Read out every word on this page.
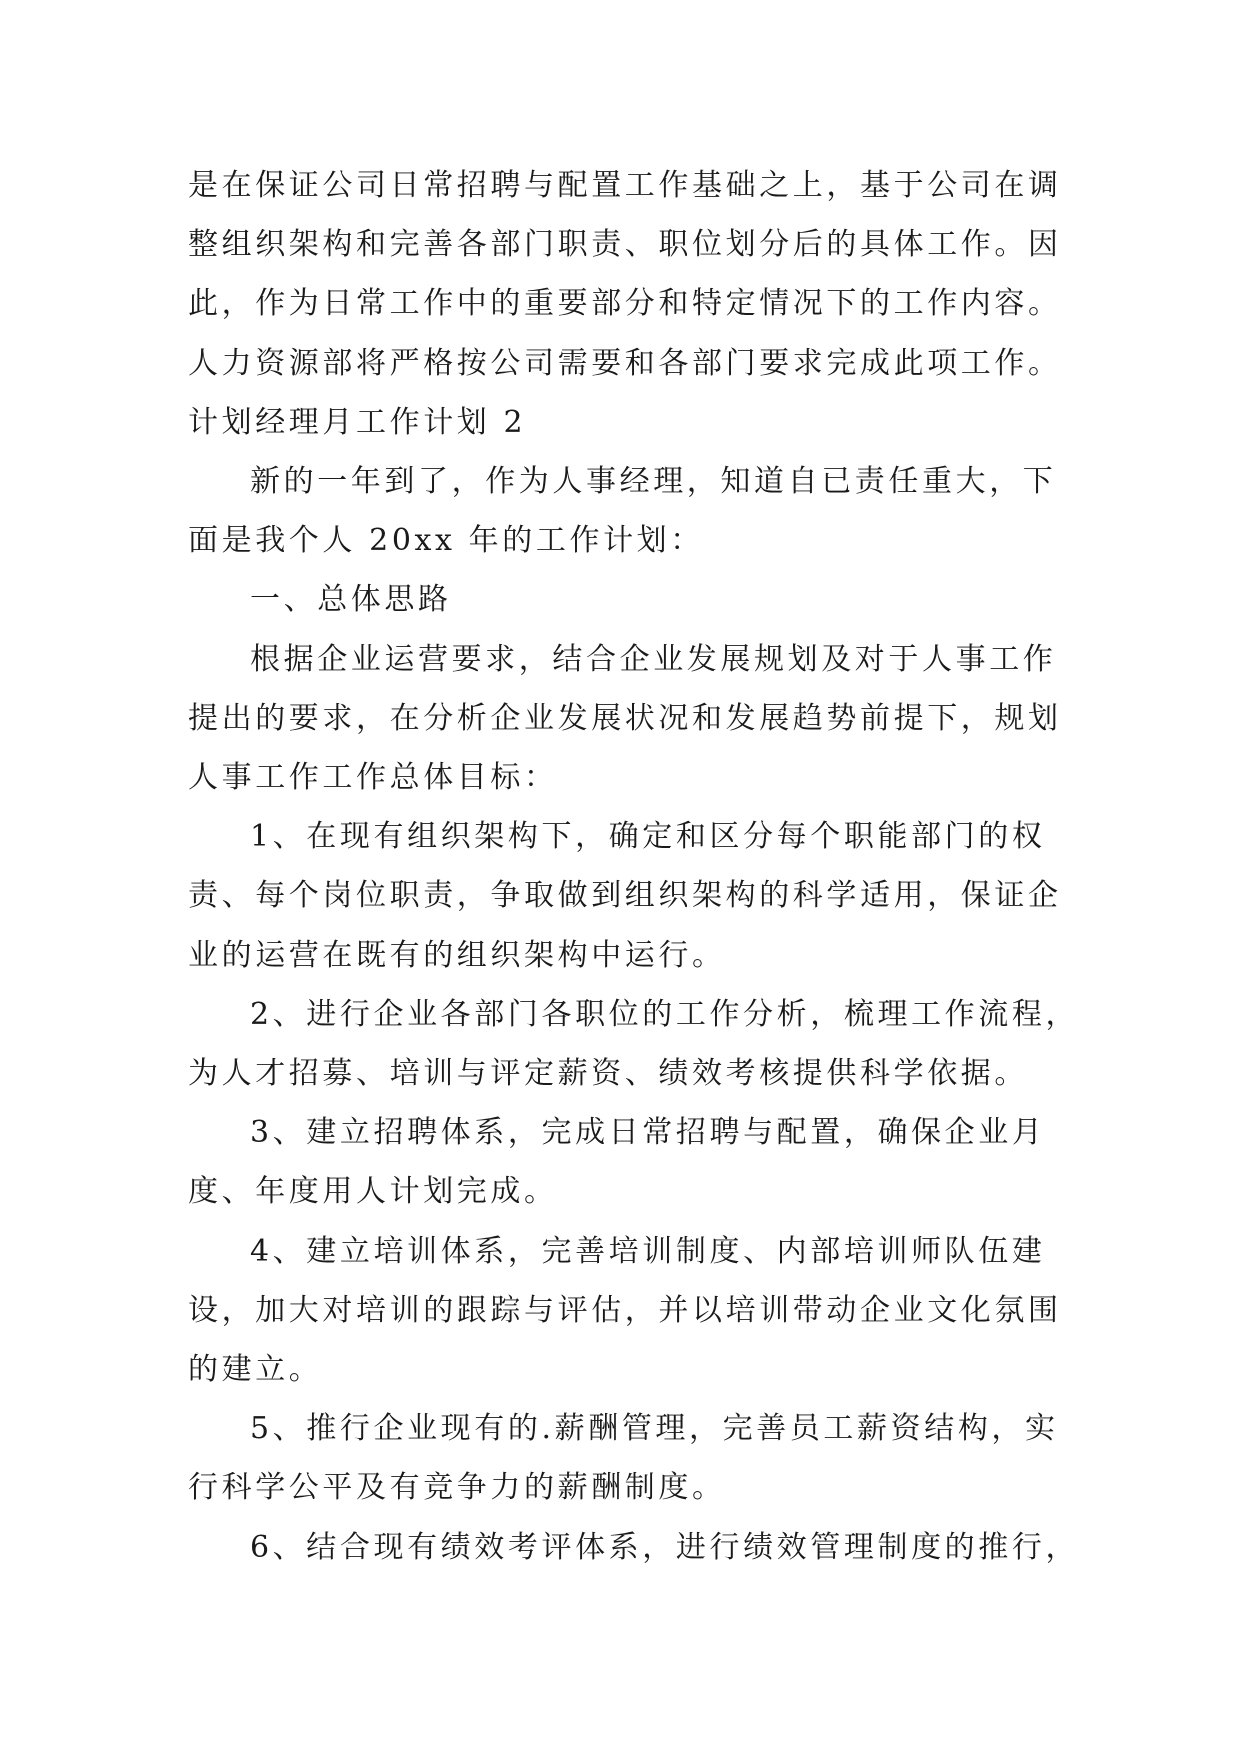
是在保证公司日常招聘与配置工作基础之上，基于公司在调
整组织架构和完善各部门职责、职位划分后的具体工作。因
此，作为日常工作中的重要部分和特定情况下的工作内容。
人力资源部将严格按公司需要和各部门要求完成此项工作。
计划经理月工作计划 2
新的一年到了，作为人事经理，知道自已责任重大，下
面是我个人 20xx 年的工作计划：
一、总体思路
根据企业运营要求，结合企业发展规划及对于人事工作
提出的要求，在分析企业发展状况和发展趋势前提下，规划
人事工作工作总体目标：
1、在现有组织架构下，确定和区分每个职能部门的权
责、每个岗位职责，争取做到组织架构的科学适用，保证企
业的运营在既有的组织架构中运行。
2、进行企业各部门各职位的工作分析，梳理工作流程，
为人才招募、培训与评定薪资、绩效考核提供科学依据。
3、建立招聘体系，完成日常招聘与配置，确保企业月
度、年度用人计划完成。
4、建立培训体系，完善培训制度、内部培训师队伍建
设，加大对培训的跟踪与评估，并以培训带动企业文化氛围
的建立。
5、推行企业现有的.薪酬管理，完善员工薪资结构，实
行科学公平及有竞争力的薪酬制度。
6、结合现有绩效考评体系，进行绩效管理制度的推行，
